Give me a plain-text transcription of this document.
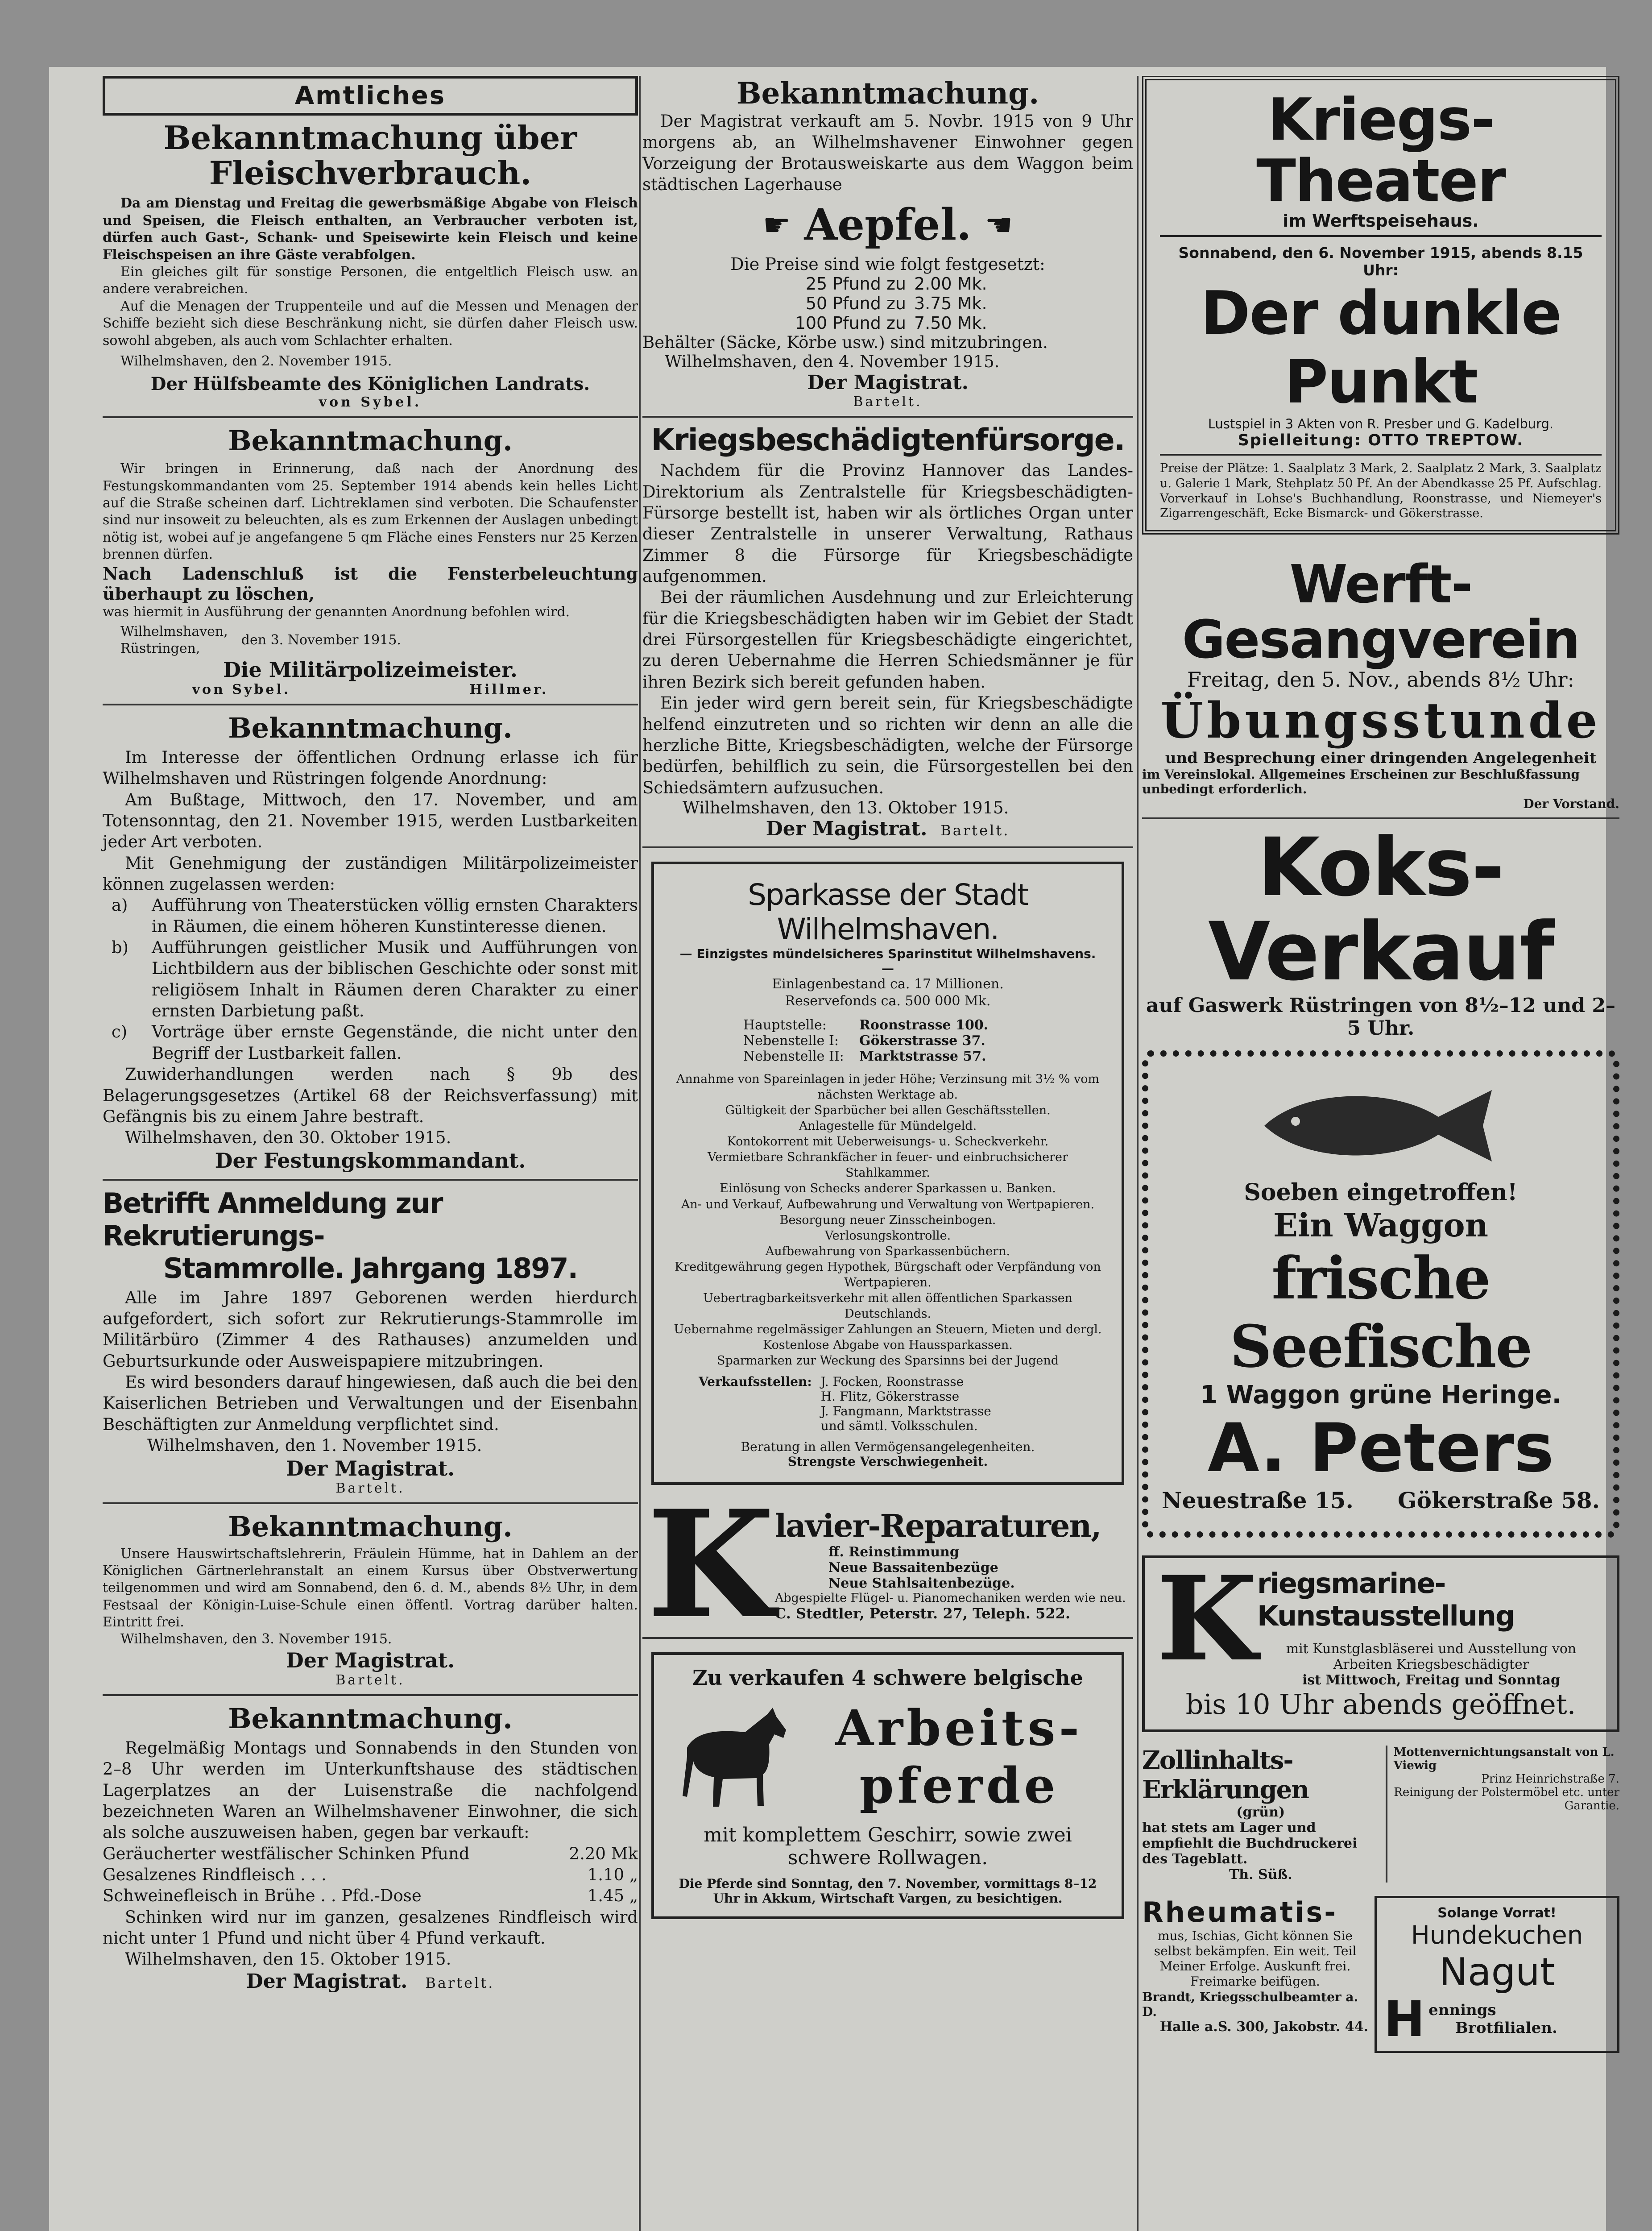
Amtliches
Bekanntmachung über Fleischverbrauch.

Da am Dienstag und Freitag die gewerbsmäßige Abgabe von Fleisch und Speisen, die Fleisch enthalten, an Verbraucher verboten ist, dürfen auch Gast-, Schank- und Speisewirte kein Fleisch und keine Fleischspeisen an ihre Gäste verabfolgen.

Ein gleiches gilt für sonstige Personen, die entgeltlich Fleisch usw. an andere verabreichen.

Auf die Menagen der Truppenteile und auf die Messen und Menagen der Schiffe bezieht sich diese Beschränkung nicht, sie dürfen daher Fleisch usw. sowohl abgeben, als auch vom Schlachter erhalten.

Wilhelmshaven, den 2. November 1915.

Der Hülfsbeamte des Königlichen Landrats.

von Sybel.

Bekanntmachung.

Wir bringen in Erinnerung, daß nach der Anordnung des Festungskommandanten vom 25. September 1914 abends kein helles Licht auf die Straße scheinen darf. Lichtreklamen sind verboten. Die Schaufenster sind nur insoweit zu beleuchten, als es zum Erkennen der Auslagen unbedingt nötig ist, wobei auf je angefangene 5 qm Fläche eines Fensters nur 25 Kerzen brennen dürfen.

Nach Ladenschluß ist die Fensterbeleuchtung überhaupt zu löschen,

was hiermit in Ausführung der genannten Anordnung befohlen wird.

Wilhelmshaven,
Rüstringen,
den 3. November 1915.

Die Militärpolizeimeister.

von Sybel.	Hillmer.
Bekanntmachung.

Im Interesse der öffentlichen Ordnung erlasse ich für Wilhelmshaven und Rüstringen folgende Anordnung:

Am Bußtage, Mittwoch, den 17. November, und am Totensonntag, den 21. November 1915, werden Lustbarkeiten jeder Art verboten.

Mit Genehmigung der zuständigen Militärpolizeimeister können zugelassen werden:

a)	Aufführung von Theaterstücken völlig ernsten Charakters in Räumen, die einem höheren Kunstinteresse dienen.
b)	Aufführungen geistlicher Musik und Aufführungen von Lichtbildern aus der biblischen Geschichte oder sonst mit religiösem Inhalt in Räumen deren Charakter zu einer ernsten Darbietung paßt.
c)	Vorträge über ernste Gegenstände, die nicht unter den Begriff der Lustbarkeit fallen.

Zuwiderhandlungen werden nach § 9b des Belagerungsgesetzes (Artikel 68 der Reichsverfassung) mit Gefängnis bis zu einem Jahre bestraft.

Wilhelmshaven, den 30. Oktober 1915.

Der Festungskommandant.

Betrifft Anmeldung zur Rekrutierungs-
Stammrolle. Jahrgang 1897.

Alle im Jahre 1897 Geborenen werden hierdurch aufgefordert, sich sofort zur Rekrutierungs-Stammrolle im Militärbüro (Zimmer 4 des Rathauses) anzumelden und Geburtsurkunde oder Ausweispapiere mitzubringen.

Es wird besonders darauf hingewiesen, daß auch die bei den Kaiserlichen Betrieben und Verwaltungen und der Eisenbahn Beschäftigten zur Anmeldung verpflichtet sind.

Wilhelmshaven, den 1. November 1915.

Der Magistrat.

Bartelt.

Bekanntmachung.

Unsere Hauswirtschaftslehrerin, Fräulein Hümme, hat in Dahlem an der Königlichen Gärtnerlehranstalt an einem Kursus über Obstverwertung teilgenommen und wird am Sonnabend, den 6. d. M., abends 8½ Uhr, in dem Festsaal der Königin-Luise-Schule einen öffentl. Vortrag darüber halten. Eintritt frei.

Wilhelmshaven, den 3. November 1915.

Der Magistrat.

Bartelt.

Bekanntmachung.

Regelmäßig Montags und Sonnabends in den Stunden von 2–8 Uhr werden im Unterkunftshause des städtischen Lagerplatzes an der Luisenstraße die nachfolgend bezeichneten Waren an Wilhelmshavener Einwohner, die sich als solche auszuweisen haben, gegen bar verkauft:

Geräucherter westfälischer Schinken Pfund	2.20 Mk
Gesalzenes Rindfleisch . . .	1.10 „
Schweinefleisch in Brühe . . Pfd.-Dose	1.45 „

Schinken wird nur im ganzen, gesalzenes Rindfleisch wird nicht unter 1 Pfund und nicht über 4 Pfund verkauft.

Wilhelmshaven, den 15. Oktober 1915.

Der Magistrat. Bartelt.
Bekanntmachung.

Der Magistrat verkauft am 5. Novbr. 1915 von 9 Uhr morgens ab, an Wilhelmshavener Einwohner gegen Vorzeigung der Brotausweiskarte aus dem Waggon beim städtischen Lagerhause

☛ Aepfel. ☚

Die Preise sind wie folgt festgesetzt:

25 Pfund zu 2.00 Mk.
50 Pfund zu 3.75 Mk.
100 Pfund zu 7.50 Mk.

Behälter (Säcke, Körbe usw.) sind mitzubringen.

Wilhelmshaven, den 4. November 1915.

Der Magistrat.

Bartelt.

Kriegsbeschädigtenfürsorge.

Nachdem für die Provinz Hannover das Landes-Direktorium als Zentralstelle für Kriegsbeschädigten-Fürsorge bestellt ist, haben wir als örtliches Organ unter dieser Zentralstelle in unserer Verwaltung, Rathaus Zimmer 8 die Fürsorge für Kriegsbeschädigte aufgenommen.

Bei der räumlichen Ausdehnung und zur Erleichterung für die Kriegsbeschädigten haben wir im Gebiet der Stadt drei Fürsorgestellen für Kriegsbeschädigte eingerichtet, zu deren Uebernahme die Herren Schiedsmänner je für ihren Bezirk sich bereit gefunden haben.

Ein jeder wird gern bereit sein, für Kriegsbeschädigte helfend einzutreten und so richten wir denn an alle die herzliche Bitte, Kriegsbeschädigten, welche der Fürsorge bedürfen, behilflich zu sein, die Fürsorgestellen bei den Schiedsämtern aufzusuchen.

Wilhelmshaven, den 13. Oktober 1915.

Der Magistrat. Bartelt.
Sparkasse der Stadt Wilhelmshaven.
— Einzigstes mündelsicheres Sparinstitut Wilhelmshavens. —
Einlagenbestand ca. 17 Millionen.
Reservefonds ca. 500 000 Mk.
Hauptstelle:	Roonstrasse 100.
Nebenstelle I:	Gökerstrasse 37.
Nebenstelle II:	Marktstrasse 57.
Annahme von Spareinlagen in jeder Höhe; Verzinsung mit 3½ % vom nächsten Werktage ab.
Gültigkeit der Sparbücher bei allen Geschäftsstellen.
Anlagestelle für Mündelgeld.
Kontokorrent mit Ueberweisungs- u. Scheckverkehr.
Vermietbare Schrankfächer in feuer- und einbruchsicherer Stahlkammer.
Einlösung von Schecks anderer Sparkassen u. Banken.
An- und Verkauf, Aufbewahrung und Verwaltung von Wertpapieren.
Besorgung neuer Zinsscheinbogen.
Verlosungskontrolle.
Aufbewahrung von Sparkassenbüchern.
Kreditgewährung gegen Hypothek, Bürgschaft oder Verpfändung von Wertpapieren.
Uebertragbarkeitsverkehr mit allen öffentlichen Sparkassen Deutschlands.
Uebernahme regelmässiger Zahlungen an Steuern, Mieten und dergl.
Kostenlose Abgabe von Haussparkassen.
Sparmarken zur Weckung des Sparsinns bei der Jugend
Verkaufsstellen: J. Focken, Roonstrasse
H. Flitz, Gökerstrasse
J. Fangmann, Marktstrasse
und sämtl. Volksschulen.
Beratung in allen Vermögensangelegenheiten.
Strengste Verschwiegenheit.
K lavier-Reparaturen,
ff. Reinstimmung
Neue Bassaitenbezüge
Neue Stahlsaitenbezüge.
Abgespielte Flügel- u. Pianomechaniken werden wie neu.
C. Stedtler, Peterstr. 27, Teleph. 522.
Zu verkaufen 4 schwere belgische
Arbeits-
pferde
mit komplettem Geschirr, sowie zwei schwere Rollwagen.
Die Pferde sind Sonntag, den 7. November, vormittags 8–12 Uhr in Akkum, Wirtschaft Vargen, zu besichtigen.
Kriegs-Theater
im Werftspeisehaus.
Sonnabend, den 6. November 1915, abends 8.15 Uhr:
Der dunkle Punkt
Lustspiel in 3 Akten von R. Presber und G. Kadelburg.
Spielleitung: OTTO TREPTOW.
Preise der Plätze: 1. Saalplatz 3 Mark, 2. Saalplatz 2 Mark, 3. Saalplatz u. Galerie 1 Mark, Stehplatz 50 Pf. An der Abendkasse 25 Pf. Aufschlag. Vorverkauf in Lohse's Buchhandlung, Roonstrasse, und Niemeyer's Zigarrengeschäft, Ecke Bismarck- und Gökerstrasse.
Werft-Gesangverein
Freitag, den 5. Nov., abends 8½ Uhr:
Übungsstunde
und Besprechung einer dringenden Angelegenheit
im Vereinslokal. Allgemeines Erscheinen zur Beschlußfassung unbedingt erforderlich.
Der Vorstand.
Koks-Verkauf
auf Gaswerk Rüstringen von 8½–12 und 2–5 Uhr.
Soeben eingetroffen!
Ein Waggon
frische Seefische
1 Waggon grüne Heringe.
A. Peters
Neuestraße 15. Gökerstraße 58.
K riegsmarine-Kunstausstellung
mit Kunstglasbläserei und Ausstellung von Arbeiten Kriegsbeschädigter
ist Mittwoch, Freitag und Sonntag
bis 10 Uhr abends geöffnet.
Zollinhalts-Erklärungen
(grün)
hat stets am Lager und empfiehlt die Buchdruckerei des Tageblatt.
Th. Süß.
Mottenvernichtungsanstalt von L. Viewig
Prinz Heinrichstraße 7.
Reinigung der Polstermöbel etc. unter Garantie.
Rheumatis-
mus, Ischias, Gicht können Sie selbst bekämpfen. Ein weit. Teil Meiner Erfolge. Auskunft frei. Freimarke beifügen.
Brandt, Kriegsschulbeamter a. D.
Halle a.S. 300, Jakobstr. 44.
Solange Vorrat!
Hundekuchen
Nagut
H ennings
Brotfilialen.
